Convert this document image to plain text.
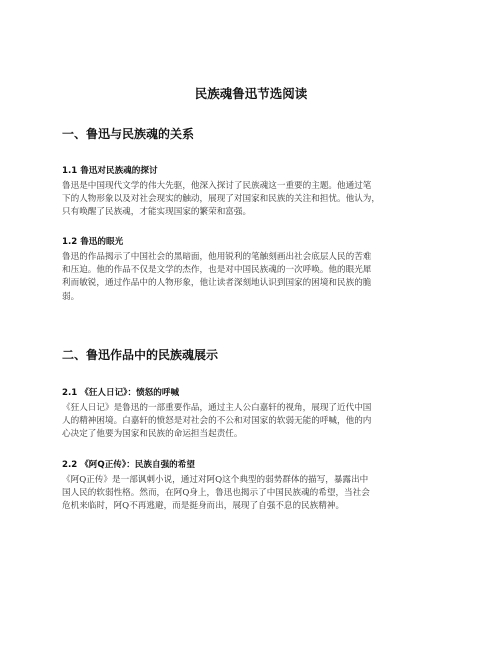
民族魂鲁迅节选阅读
一、鲁迅与民族魂的关系
1.1 鲁迅对民族魂的探讨
鲁迅是中国现代文学的伟大先驱，他深入探讨了民族魂这一重要的主题。他通过笔
下的人物形象以及对社会现实的触动，展现了对国家和民族的关注和担忧。他认为，
只有唤醒了民族魂，才能实现国家的繁荣和富强。
1.2 鲁迅的眼光
鲁迅的作品揭示了中国社会的黑暗面，他用锐利的笔触刻画出社会底层人民的苦难
和压迫。他的作品不仅是文学的杰作，也是对中国民族魂的一次呼唤。他的眼光犀
利而敏锐，通过作品中的人物形象，他让读者深刻地认识到国家的困境和民族的脆
弱。
二、鲁迅作品中的民族魂展示
2.1 《狂人日记》：愤怒的呼喊
《狂人日记》是鲁迅的一部重要作品，通过主人公白嘉轩的视角，展现了近代中国
人的精神困境。白嘉轩的愤怒是对社会的不公和对国家的软弱无能的呼喊，他的内
心决定了他要为国家和民族的命运担当起责任。
2.2 《阿Q正传》：民族自强的希望
《阿Q正传》是一部讽刺小说，通过对阿Q这个典型的弱势群体的描写，暴露出中
国人民的软弱性格。然而，在阿Q身上，鲁迅也揭示了中国民族魂的希望，当社会
危机来临时，阿Q不再逃避，而是挺身而出，展现了自强不息的民族精神。
